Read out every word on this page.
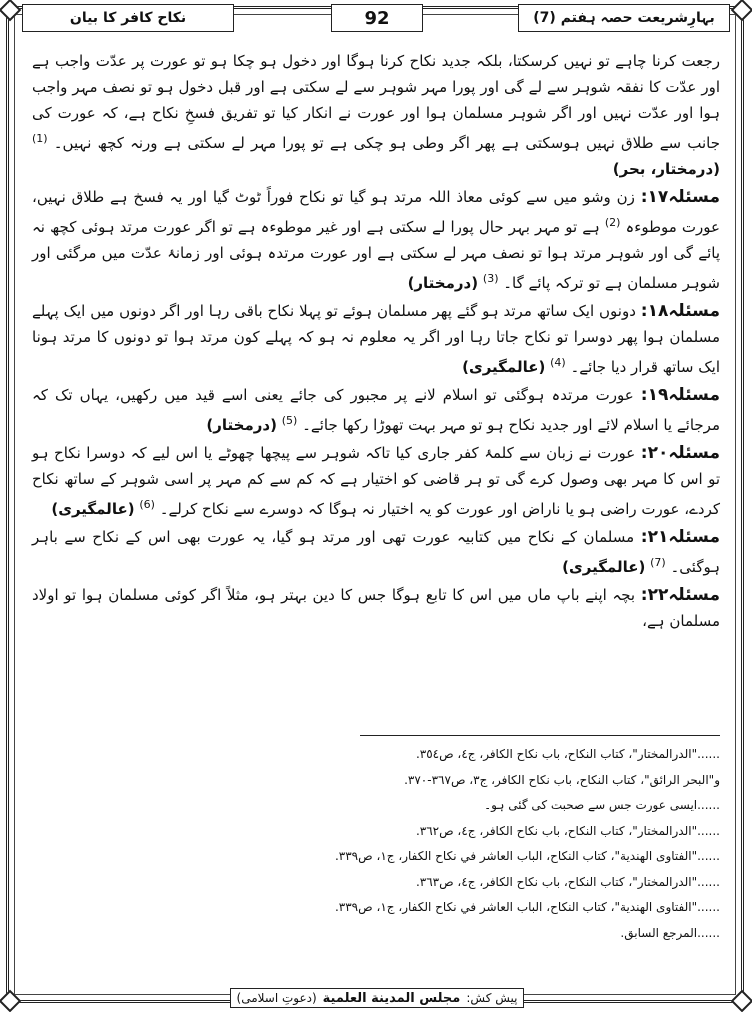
بہارِشریعت حصہ ہفتم (7)
92
نکاح کافر کا بیان

رجعت کرنا چاہے تو نہیں کرسکتا، بلکہ جدید نکاح کرنا ہوگا اور دخول ہو چکا ہو تو عورت پر عدّت واجب ہے اور عدّت کا نفقہ شوہر سے لے گی اور پورا مہر شوہر سے لے سکتی ہے اور قبل دخول ہو تو نصف مہر واجب ہوا اور عدّت نہیں اور اگر شوہر مسلمان ہوا اور عورت نے انکار کیا تو تفریق فسخِ نکاح ہے، کہ عورت کی جانب سے طلاق نہیں ہوسکتی ہے پھر اگر وطی ہو چکی ہے تو پورا مہر لے سکتی ہے ورنہ کچھ نہیں۔ $^{(1)}$ (درمختار، بحر)

مسئلہ۱۷: زن وشو میں سے کوئی معاذ اللہ مرتد ہو گیا تو نکاح فوراً ٹوٹ گیا اور یہ فسخ ہے طلاق نہیں، عورت موطوءہ $^{(2)}$ ہے تو مہر بہر حال پورا لے سکتی ہے اور غیر موطوءہ ہے تو اگر عورت مرتد ہوئی کچھ نہ پائے گی اور شوہر مرتد ہوا تو نصف مہر لے سکتی ہے اور عورت مرتدہ ہوئی اور زمانۂ عدّت میں مرگئی اور شوہر مسلمان ہے تو ترکہ پائے گا۔ $^{(3)}$ (درمختار)

مسئلہ۱۸: دونوں ایک ساتھ مرتد ہو گئے پھر مسلمان ہوئے تو پہلا نکاح باقی رہا اور اگر دونوں میں ایک پہلے مسلمان ہوا پھر دوسرا تو نکاح جاتا رہا اور اگر یہ معلوم نہ ہو کہ پہلے کون مرتد ہوا تو دونوں کا مرتد ہونا ایک ساتھ قرار دیا جائے۔ $^{(4)}$ (عالمگیری)

مسئلہ۱۹: عورت مرتدہ ہوگئی تو اسلام لانے پر مجبور کی جائے یعنی اسے قید میں رکھیں، یہاں تک کہ مرجائے یا اسلام لائے اور جدید نکاح ہو تو مہر بہت تھوڑا رکھا جائے۔ $^{(5)}$ (درمختار)

مسئلہ۲۰: عورت نے زبان سے کلمۂ کفر جاری کیا تاکہ شوہر سے پیچھا چھوٹے یا اس لیے کہ دوسرا نکاح ہو تو اس کا مہر بھی وصول کرے گی تو ہر قاضی کو اختیار ہے کہ کم سے کم مہر پر اسی شوہر کے ساتھ نکاح کردے، عورت راضی ہو یا ناراض اور عورت کو یہ اختیار نہ ہوگا کہ دوسرے سے نکاح کرلے۔ $^{(6)}$ (عالمگیری)

مسئلہ۲۱: مسلمان کے نکاح میں کتابیہ عورت تھی اور مرتد ہو گیا، یہ عورت بھی اس کے نکاح سے باہر ہوگئی۔ $^{(7)}$ (عالمگیری)

مسئلہ۲۲: بچہ اپنے باپ ماں میں اس کا تابع ہوگا جس کا دین بہتر ہو، مثلاً اگر کوئی مسلمان ہوا تو اولاد مسلمان ہے،

......"الدرالمختار"، كتاب النكاح، باب نكاح الكافر، ج٤، ص٣٥٤.
و"البحر الرائق"، كتاب النكاح، باب نكاح الكافر، ج٣، ص٣٦٧-٣٧٠.
......ایسی عورت جس سے صحبت کی گئی ہو۔
......"الدرالمختار"، كتاب النكاح، باب نكاح الكافر، ج٤، ص٣٦٢.
......"الفتاوى الهندية"، كتاب النكاح، الباب العاشر في نكاح الكفار، ج١، ص٣٣٩.
......"الدرالمختار"، كتاب النكاح، باب نكاح الكافر، ج٤، ص٣٦٣.
......"الفتاوى الهندية"، كتاب النكاح، الباب العاشر في نكاح الكفار، ج١، ص٣٣٩.
......المرجع السابق.
پیش کش:
مجلس المدينة العلمية
(دعوتِ اسلامی)
